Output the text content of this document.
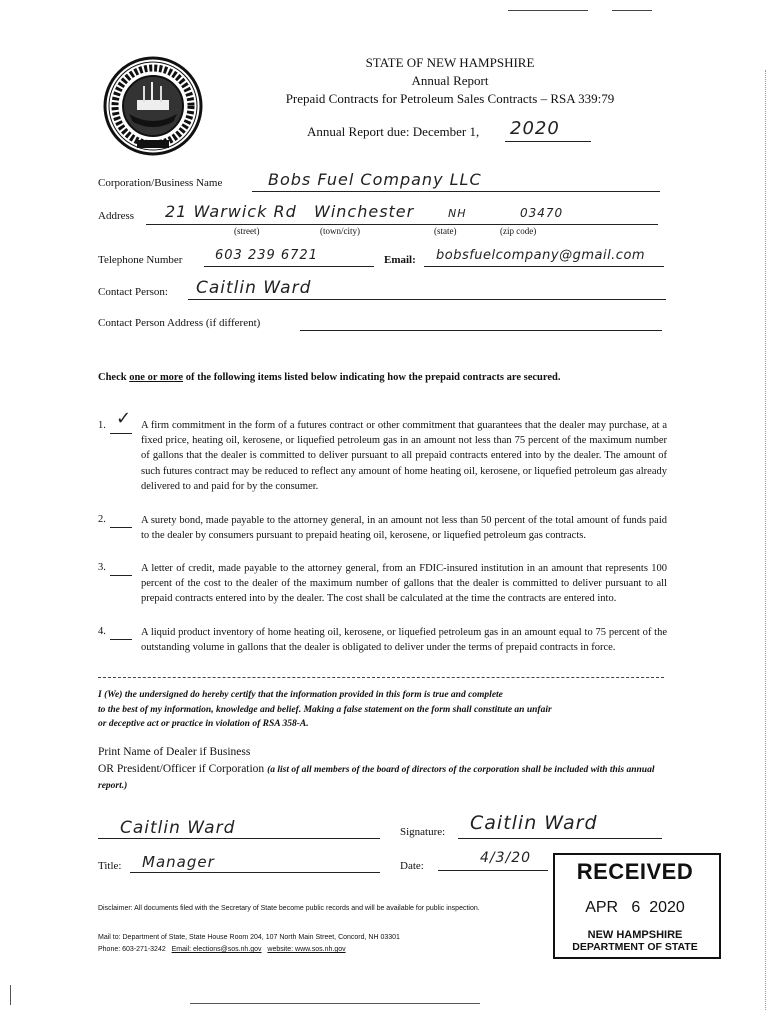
STATE OF NEW HAMPSHIRE
Annual Report
Prepaid Contracts for Petroleum Sales Contracts – RSA 339:79
Annual Report due: December 1, 2020
Corporation/Business Name	Bobs Fuel Company LLC
Address 21 Warwick Rd Winchester	NH	03470
(street)	(town/city)	(state)	(zip code)
Telephone Number	603 239 6721	Email: bobsfuelcompany@gmail.com
Contact Person: Caitlin Ward
Contact Person Address (if different)
Check one or more of the following items listed below indicating how the prepaid contracts are secured.
1. ✓ A firm commitment in the form of a futures contract or other commitment that guarantees that the dealer may purchase, at a fixed price, heating oil, kerosene, or liquefied petroleum gas in an amount not less than 75 percent of the maximum number of gallons that the dealer is committed to deliver pursuant to all prepaid contracts entered into by the dealer. The amount of such futures contract may be reduced to reflect any amount of home heating oil, kerosene, or liquefied petroleum gas already delivered to and paid for by the consumer.
2.	A surety bond, made payable to the attorney general, in an amount not less than 50 percent of the total amount of funds paid to the dealer by consumers pursuant to prepaid heating oil, kerosene, or liquefied petroleum gas contracts.
3.	A letter of credit, made payable to the attorney general, from an FDIC-insured institution in an amount that represents 100 percent of the cost to the dealer of the maximum number of gallons that the dealer is committed to deliver pursuant to all prepaid contracts entered into by the dealer. The cost shall be calculated at the time the contracts are entered into.
4.	A liquid product inventory of home heating oil, kerosene, or liquefied petroleum gas in an amount equal to 75 percent of the outstanding volume in gallons that the dealer is obligated to deliver under the terms of prepaid contracts in force.
I (We) the undersigned do hereby certify that the information provided in this form is true and complete
to the best of my information, knowledge and belief. Making a false statement on the form shall constitute an unfair
or deceptive act or practice in violation of RSA 358-A.
Print Name of Dealer if Business
OR President/Officer if Corporation (a list of all members of the board of directors of the corporation shall be included with this annual report.)
Caitlin Ward	Signature: Caitlin Ward
Title: Manager	Date:	4/3/20
Disclaimer: All documents filed with the Secretary of State become public records and will be available for public inspection.
Mail to: Department of State, State House Room 204, 107 North Main Street, Concord, NH 03301
Phone: 603-271-3242 Email: elections@sos.nh.gov website: www.sos.nh.gov
RECEIVED
APR   6  2020
NEW HAMPSHIRE
DEPARTMENT OF STATE
